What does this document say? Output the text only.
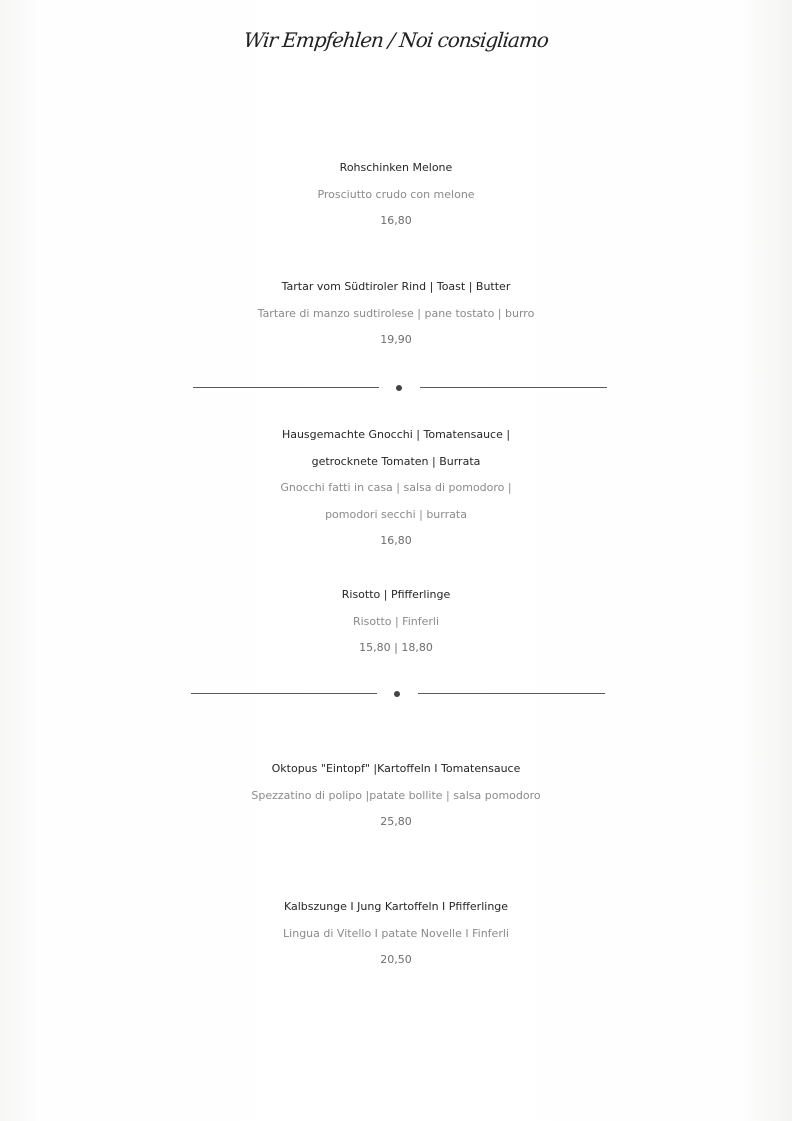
Wir Empfehlen / Noi consigliamo
Rohschinken Melone
Prosciutto crudo con melone
16,80
Tartar vom Südtiroler Rind | Toast | Butter
Tartare di manzo sudtirolese | pane tostato | burro
19,90
Hausgemachte Gnocchi | Tomatensauce |
getrocknete Tomaten | Burrata
Gnocchi fatti in casa | salsa di pomodoro |
pomodori secchi | burrata
16,80
Risotto | Pfifferlinge
Risotto | Finferli
15,80 | 18,80
Oktopus "Eintopf" |Kartoffeln I Tomatensauce
Spezzatino di polipo |patate bollite | salsa pomodoro
25,80
Kalbszunge I Jung Kartoffeln I Pfifferlinge
Lingua di Vitello I patate Novelle I Finferli
20,50
